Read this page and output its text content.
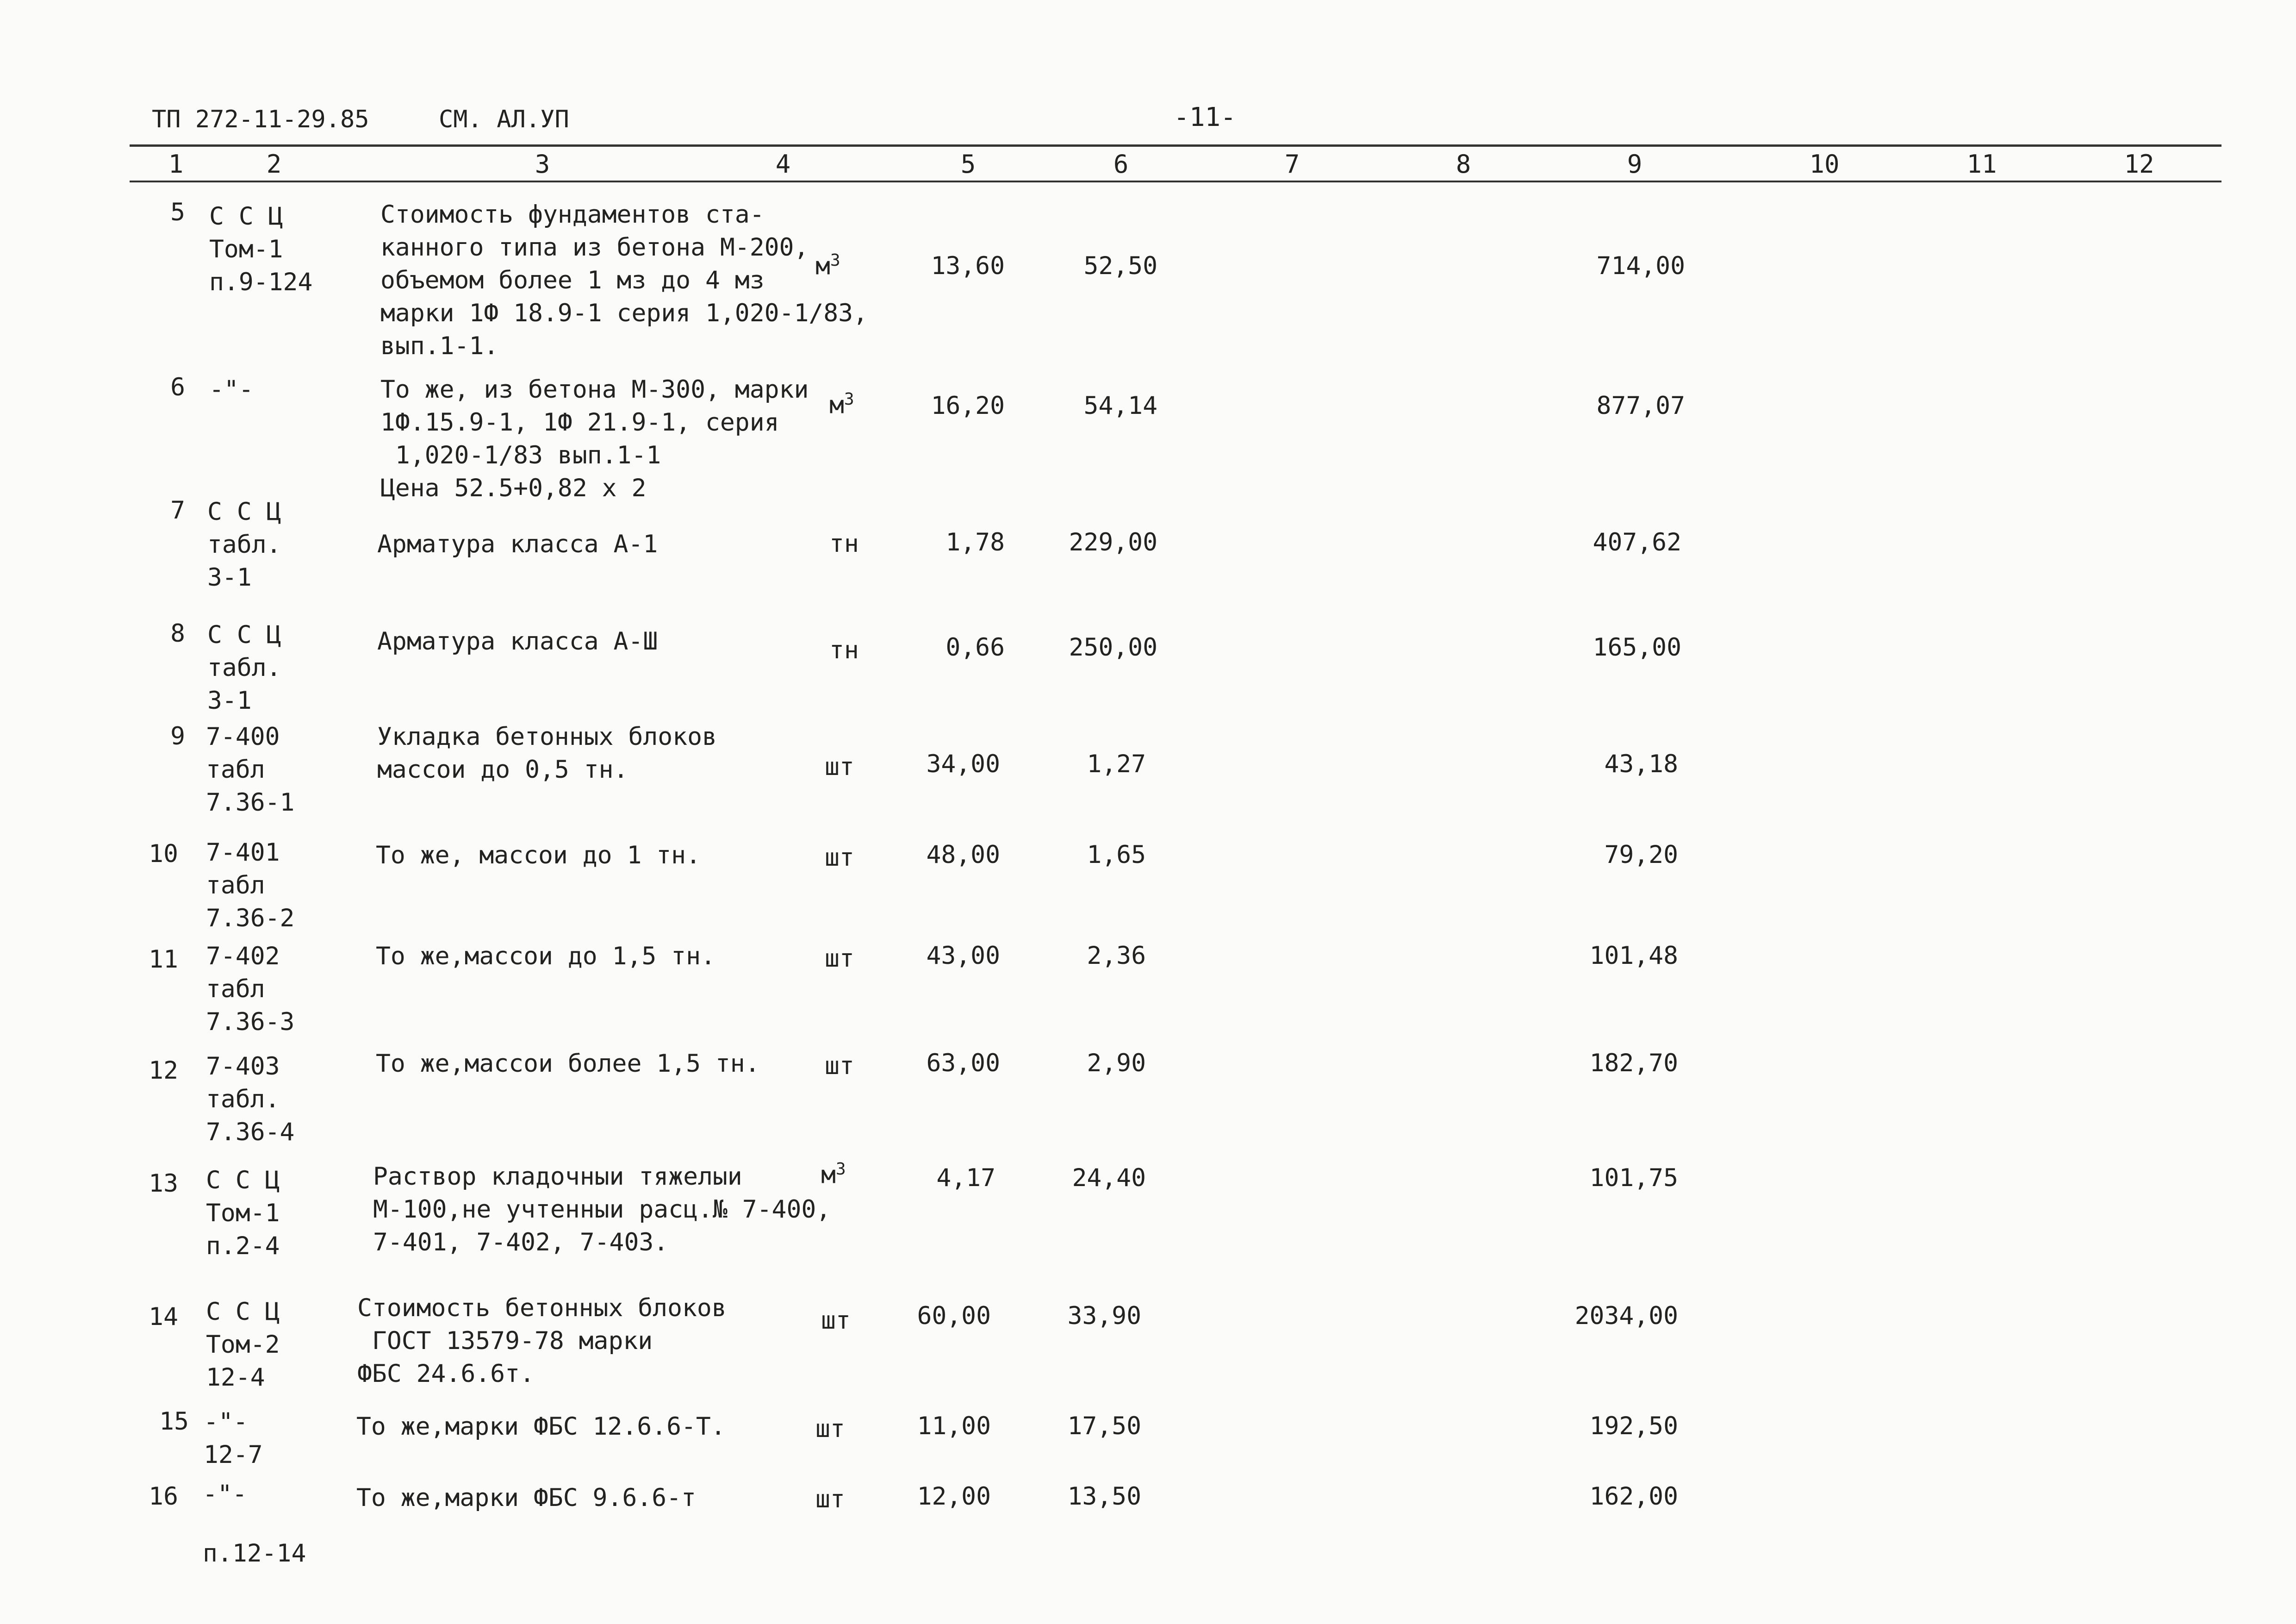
ТП 272-11-29.85	СМ. АЛ.УП	-11-
1	2	3	4	5	6	7	8	9	10	11	12
5 С С Ц
Том-1
п.9-124
Стоимость фундаментов ста-
канного типа из бетона М-200,
объемом более 1 мз до 4 мз
марки 1Ф 18.9-1 серия 1,020-1/83,
вып.1-1.
$м^3$	13,60	52,50	714,00
6 -"-	То же, из бетона М-300, марки
1Ф.15.9-1, 1Ф 21.9-1, серия
1,020-1/83 вып.1-1
Цена 52.5+0,82 х 2
$м^3$	16,20	54,14	877,07
7 С С Ц
табл.
3-1
Арматура класса А-1	тн	1,78	229,00	407,62
8 С С Ц
табл.
3-1
Арматура класса А-Ш	тн	0,66	250,00	165,00
9 7-400
табл
7.36-1
Укладка бетонных блоков
массои до 0,5 тн.	шт	34,00	1,27	43,18
10 7-401
табл
7.36-2
То же, массои до 1 тн.	шт	48,00	1,65	79,20
11 7-402
табл
7.36-3
То же,массои до 1,5 тн.	шт	43,00	2,36	101,48
12 7-403
табл.
7.36-4
То же,массои более 1,5 тн.	шт	63,00	2,90	182,70
13 С С Ц
Том-1
п.2-4
Раствор кладочныи тяжелыи
М-100,не учтенныи расц.№ 7-400,
7-401, 7-402, 7-403.
$м^3$	4,17	24,40	101,75
14 С С Ц
Том-2
12-4
Стоимость бетонных блоков
ГОСТ 13579-78 марки
ФБС 24.6.6т.
шт	60,00	33,90	2034,00
15 -"-
12-7
То же,марки ФБС 12.6.6-Т.	шт	11,00	17,50	192,50
16 -"-

п.12-14
То же,марки ФБС 9.6.6-т	шт	12,00	13,50	162,00
